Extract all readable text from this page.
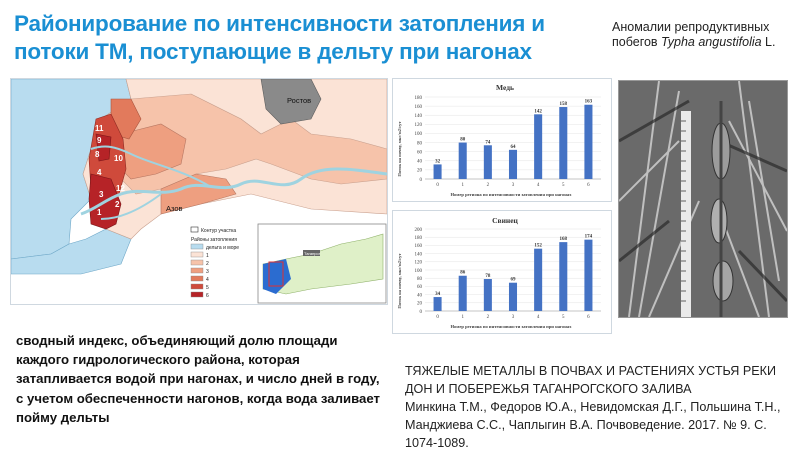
Районирование по интенсивности затопления и потоки ТМ, поступающие в дельту при нагонах
Аномалии репродуктивных побегов Typha angustifolia L.
11
9
8 10
4
12
3
2
1
Ростов
Азов
Контур участка
Районы затопления
дельта и море
1
2
3
4
5
6
Таганрог
Медь
Номер региона по интенсивности затопления при нагонах
Поток на почву, мкг/м2/сут
0
20
40
60
80
100
120
140
160
180
32
0
80
1
74
2
64
3
142
4
158
5
163
6
Свинец
Номер региона по интенсивности затопления при нагонах
Поток на почву, мкг/м2/сут
0
20
40
60
80
100
120
140
160
180
200
34
0
86
1
78
2
69
3
152
4
168
5
174
6
сводный индекс, объединяющий долю площади каждого гидрологического района, которая затапливается водой при нагонах, и число дней в году, с учетом обеспеченности нагонов, когда вода заливает пойму дельты
ТЯЖЕЛЫЕ МЕТАЛЛЫ В ПОЧВАХ И РАСТЕНИЯХ УСТЬЯ РЕКИ ДОН И ПОБЕРЕЖЬЯ ТАГАНРОГСКОГО ЗАЛИВА
Минкина Т.М., Федоров Ю.А., Невидомская Д.Г., Польшина Т.Н., Манджиева С.С., Чаплыгин В.А. Почвоведение. 2017. № 9. С. 1074-1089.
